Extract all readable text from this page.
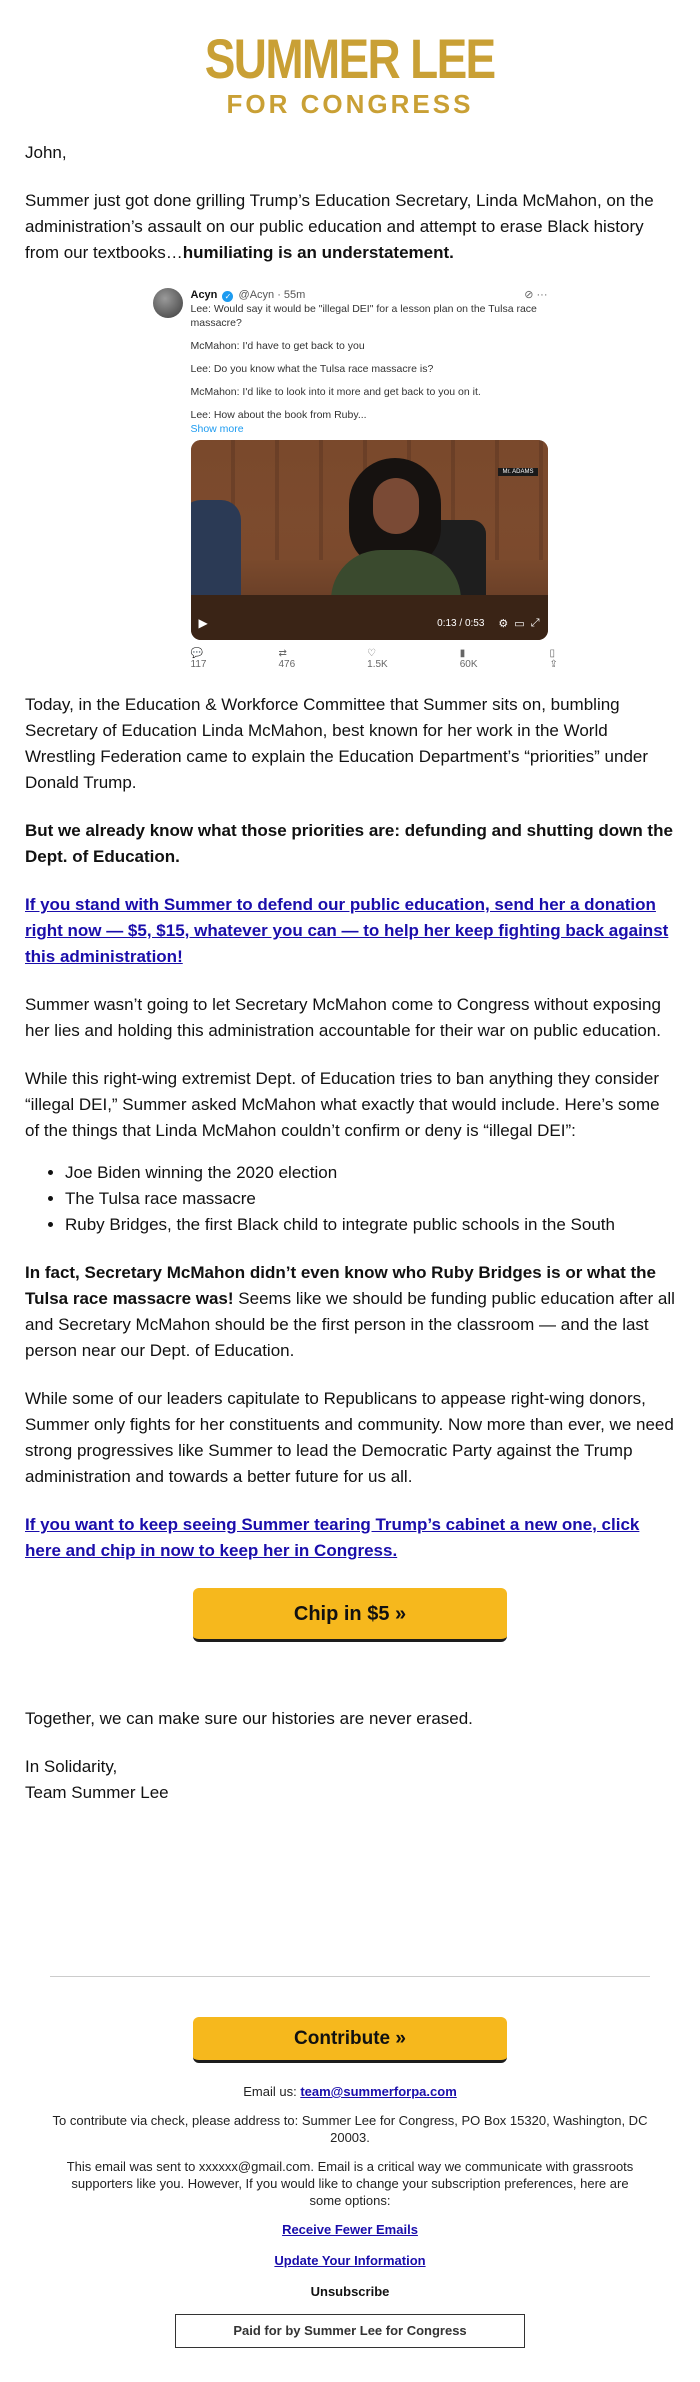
SUMMER LEE
FOR CONGRESS

John,

Summer just got done grilling Trump’s Education Secretary, Linda McMahon, on the administration’s assault on our public education and attempt to erase Black history from our textbooks…humiliating is an understatement.

Acyn ✓ @Acyn · 55m	⊘ ···

Lee: Would say it would be "illegal DEI" for a lesson plan on the Tulsa race massacre?

McMahon: I'd have to get back to you

Lee: Do you know what the Tulsa race massacre is?

McMahon: I'd like to look into it more and get back to you on it.

Lee: How about the book from Ruby...

Show more
Mr. ADAMS
▶	0:13 / 0:53 ⚙ ▭ ⤢
💬 117
⇄ 476
♡ 1.5K
▮ 60K
▯ ⇪

Today, in the Education & Workforce Committee that Summer sits on, bumbling Secretary of Education Linda McMahon, best known for her work in the World Wrestling Federation came to explain the Education Department’s “priorities” under Donald Trump.

But we already know what those priorities are: defunding and shutting down the Dept. of Education.

If you stand with Summer to defend our public education, send her a donation right now — $5, $15, whatever you can — to help her keep fighting back against this administration!

Summer wasn’t going to let Secretary McMahon come to Congress without exposing her lies and holding this administration accountable for their war on public education.

While this right-wing extremist Dept. of Education tries to ban anything they consider “illegal DEI,” Summer asked McMahon what exactly that would include. Here’s some of the things that Linda McMahon couldn’t confirm or deny is “illegal DEI”:

• Joe Biden winning the 2020 election
• The Tulsa race massacre
• Ruby Bridges, the first Black child to integrate public schools in the South

In fact, Secretary McMahon didn’t even know who Ruby Bridges is or what the Tulsa race massacre was! Seems like we should be funding public education after all and Secretary McMahon should be the first person in the classroom — and the last person near our Dept. of Education.

While some of our leaders capitulate to Republicans to appease right-wing donors, Summer only fights for her constituents and community. Now more than ever, we need strong progressives like Summer to lead the Democratic Party against the Trump administration and towards a better future for us all.

If you want to keep seeing Summer tearing Trump’s cabinet a new one, click here and chip in now to keep her in Congress.

Chip in $5 »

Together, we can make sure our histories are never erased.

In Solidarity,
Team Summer Lee

Contribute »

Email us: team@summerforpa.com

To contribute via check, please address to: Summer Lee for Congress, PO Box 15320, Washington, DC 20003.

This email was sent to xxxxxx@gmail.com. Email is a critical way we communicate with grassroots supporters like you. However, If you would like to change your subscription preferences, here are some options:

Receive Fewer Emails

Update Your Information

Unsubscribe

Paid for by Summer Lee for Congress
